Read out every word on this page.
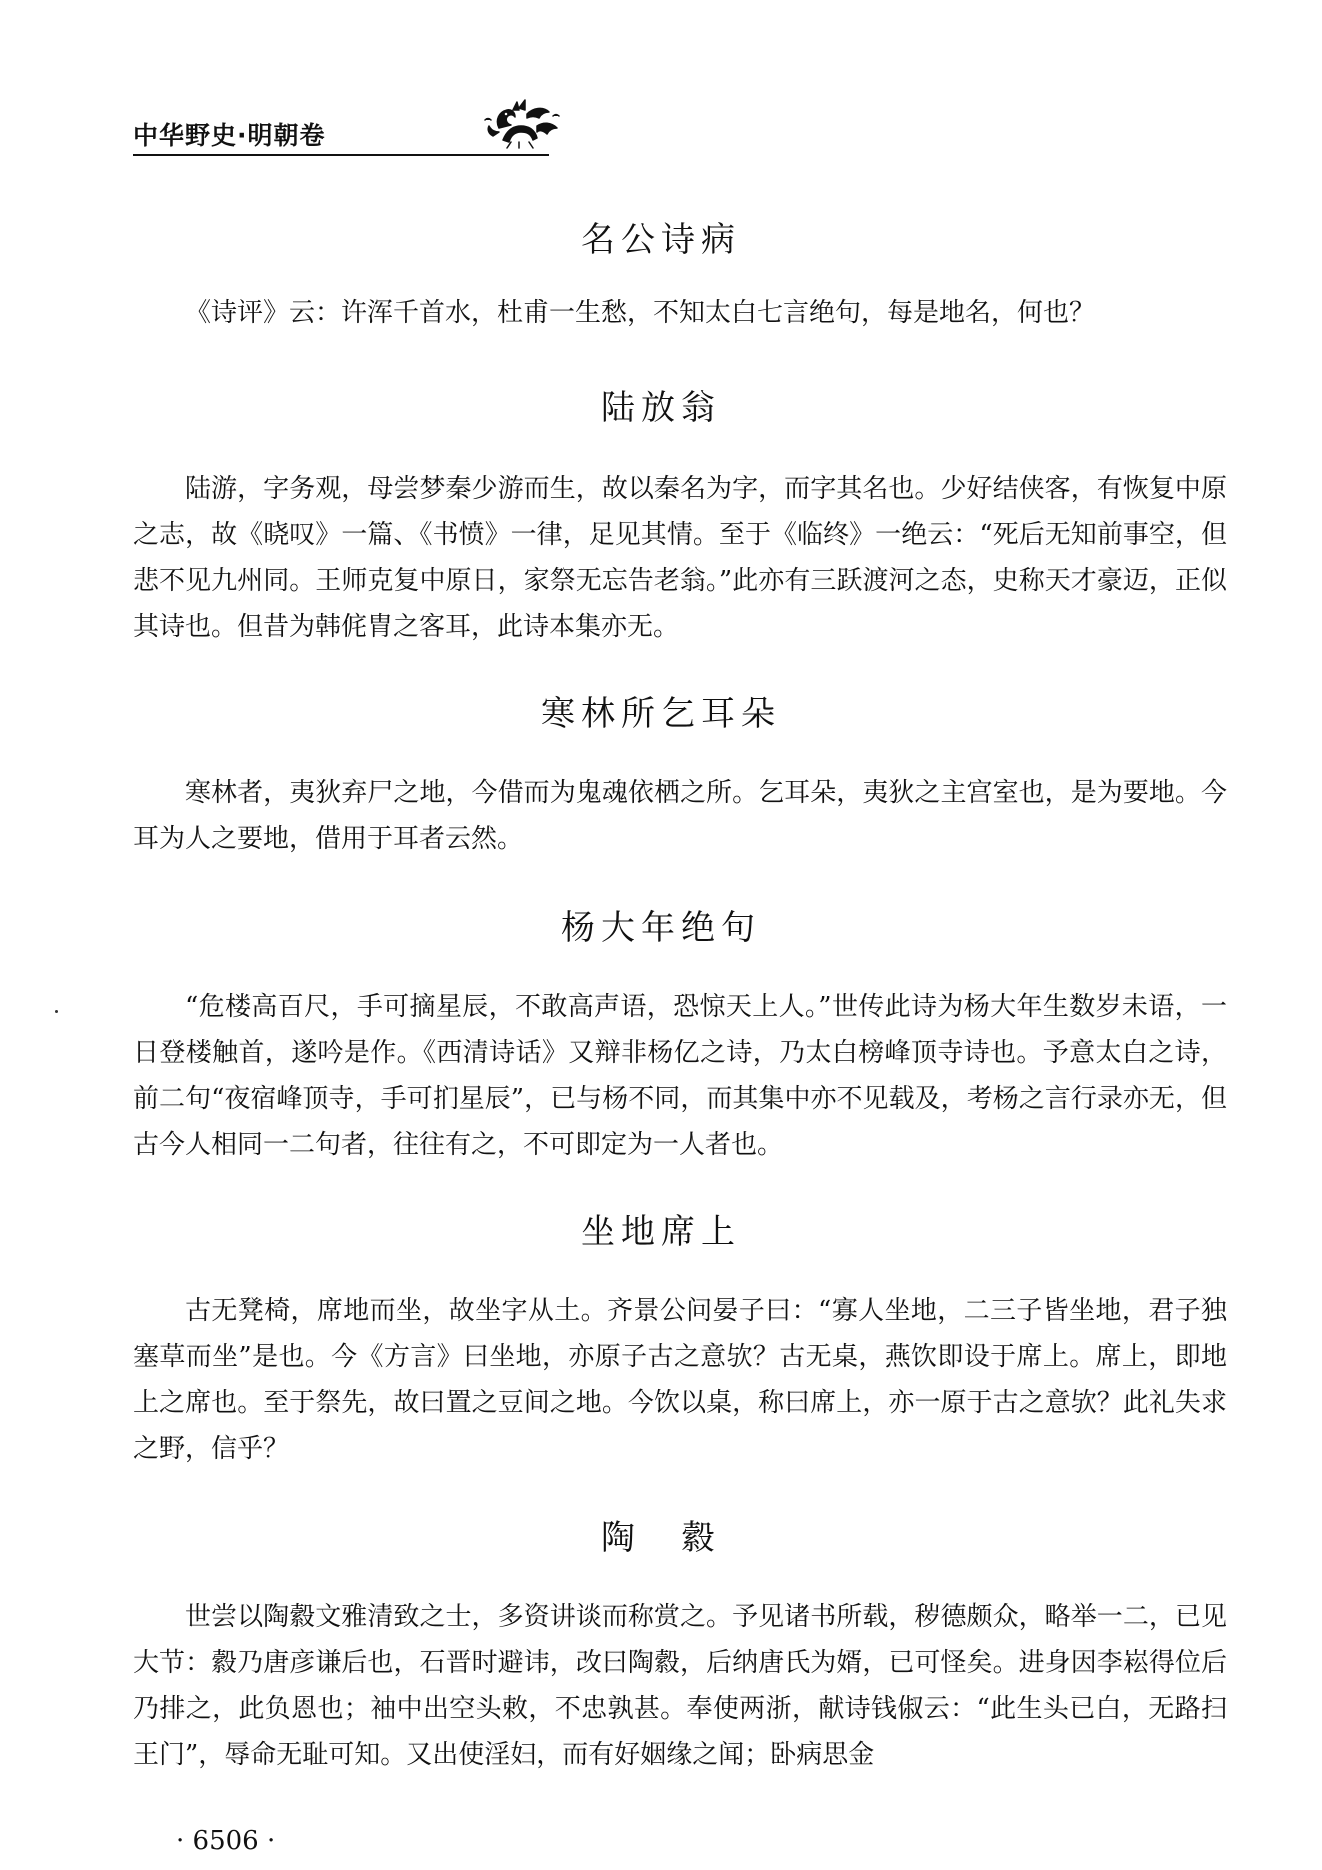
中华野史·明朝卷
名公诗病

《诗评》云：许浑千首水，杜甫一生愁，不知太白七言绝句，每是地名，何也？

陆放翁

陆游，字务观，母尝梦秦少游而生，故以秦名为字，而字其名也。少好结侠客，有恢复中原之志，故《晓叹》一篇、《书愤》一律，足见其情。至于《临终》一绝云：“死后无知前事空，但悲不见九州同。王师克复中原日，家祭无忘告老翁。”此亦有三跃渡河之态，史称天才豪迈，正似其诗也。但昔为韩侂胄之客耳，此诗本集亦无。

寒林所乞耳朵

寒林者，夷狄弃尸之地，今借而为鬼魂依栖之所。乞耳朵，夷狄之主宫室也，是为要地。今耳为人之要地，借用于耳者云然。

杨大年绝句

“危楼高百尺，手可摘星辰，不敢高声语，恐惊天上人。”世传此诗为杨大年生数岁未语，一日登楼触首，遂吟是作。《西清诗话》又辩非杨亿之诗，乃太白榜峰顶寺诗也。予意太白之诗，前二句“夜宿峰顶寺，手可扪星辰”，已与杨不同，而其集中亦不见载及，考杨之言行录亦无，但古今人相同一二句者，往往有之，不可即定为一人者也。

坐地席上

古无凳椅，席地而坐，故坐字从土。齐景公问晏子曰：“寡人坐地，二三子皆坐地，君子独塞草而坐”是也。今《方言》曰坐地，亦原子古之意欤？古无桌，燕饮即设于席上。席上，即地上之席也。至于祭先，故曰置之豆间之地。今饮以桌，称曰席上，亦一原于古之意欤？此礼失求之野，信乎？

陶　縠

世尝以陶縠文雅清致之士，多资讲谈而称赏之。予见诸书所载，秽德颇众，略举一二，已见大节：縠乃唐彦谦后也，石晋时避讳，改曰陶縠，后纳唐氏为婿，已可怪矣。进身因李崧得位后乃排之，此负恩也；袖中出空头敕，不忠孰甚。奉使两浙，献诗钱俶云：“此生头已白，无路扫王门”，辱命无耻可知。又出使淫妇，而有好姻缘之闻；卧病思金

· 6506 ·
